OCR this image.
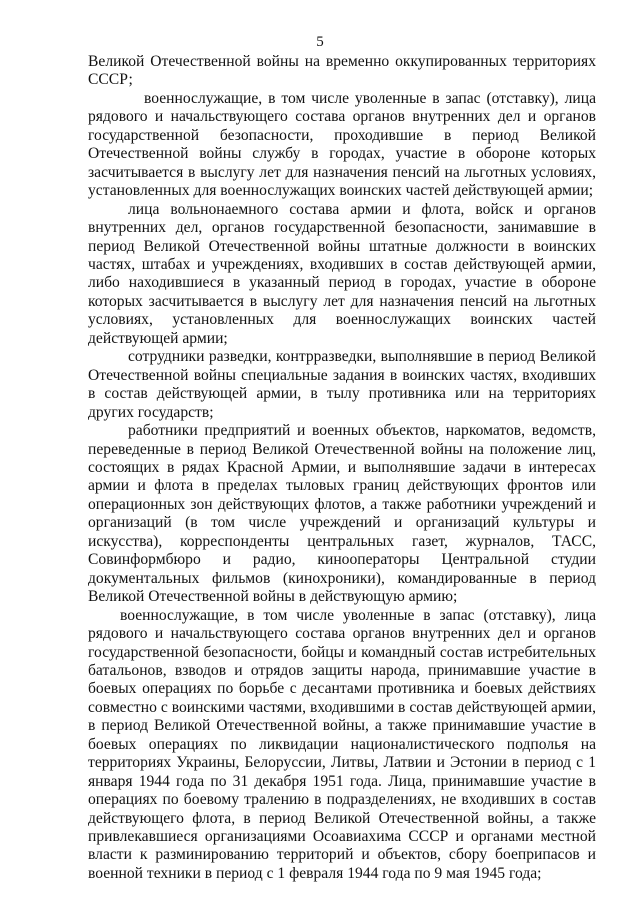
5

Великой Отечественной войны на временно оккупированных территориях СССР;

военнослужащие, в том числе уволенные в запас (отставку), лица рядового и начальствующего состава органов внутренних дел и органов государственной безопасности, проходившие в период Великой Отечественной войны службу в городах, участие в обороне которых засчитывается в выслугу лет для назначения пенсий на льготных условиях, установленных для военнослужащих воинских частей действующей армии;

лица вольнонаемного состава армии и флота, войск и органов внутренних дел, органов государственной безопасности, занимавшие в период Великой Отечественной войны штатные должности в воинских частях, штабах и учреждениях, входивших в состав действующей армии, либо находившиеся в указанный период в городах, участие в обороне которых засчитывается в выслугу лет для назначения пенсий на льготных условиях, установленных для военнослужащих воинских частей действующей армии;

сотрудники разведки, контрразведки, выполнявшие в период Великой Отечественной войны специальные задания в воинских частях, входивших в состав действующей армии, в тылу противника или на территориях других государств;

работники предприятий и военных объектов, наркоматов, ведомств, переведенные в период Великой Отечественной войны на положение лиц, состоящих в рядах Красной Армии, и выполнявшие задачи в интересах армии и флота в пределах тыловых границ действующих фронтов или операционных зон действующих флотов, а также работники учреждений и организаций (в том числе учреждений и организаций культуры и искусства), корреспонденты центральных газет, журналов, ТАСС, Совинформбюро и радио, кинооператоры Центральной студии документальных фильмов (кинохроники), командированные в период Великой Отечественной войны в действующую армию;

военнослужащие, в том числе уволенные в запас (отставку), лица рядового и начальствующего состава органов внутренних дел и органов государственной безопасности, бойцы и командный состав истребительных батальонов, взводов и отрядов защиты народа, принимавшие участие в боевых операциях по борьбе с десантами противника и боевых действиях совместно с воинскими частями, входившими в состав действующей армии, в период Великой Отечественной войны, а также принимавшие участие в боевых операциях по ликвидации националистического подполья на территориях Украины, Белоруссии, Литвы, Латвии и Эстонии в период с 1 января 1944 года по 31 декабря 1951 года. Лица, принимавшие участие в операциях по боевому тралению в подразделениях, не входивших в состав действующего флота, в период Великой Отечественной войны, а также привлекавшиеся организациями Осоавиахима СССР и органами местной власти к разминированию территорий и объектов, сбору боеприпасов и военной техники в период с 1 февраля 1944 года по 9 мая 1945 года;
